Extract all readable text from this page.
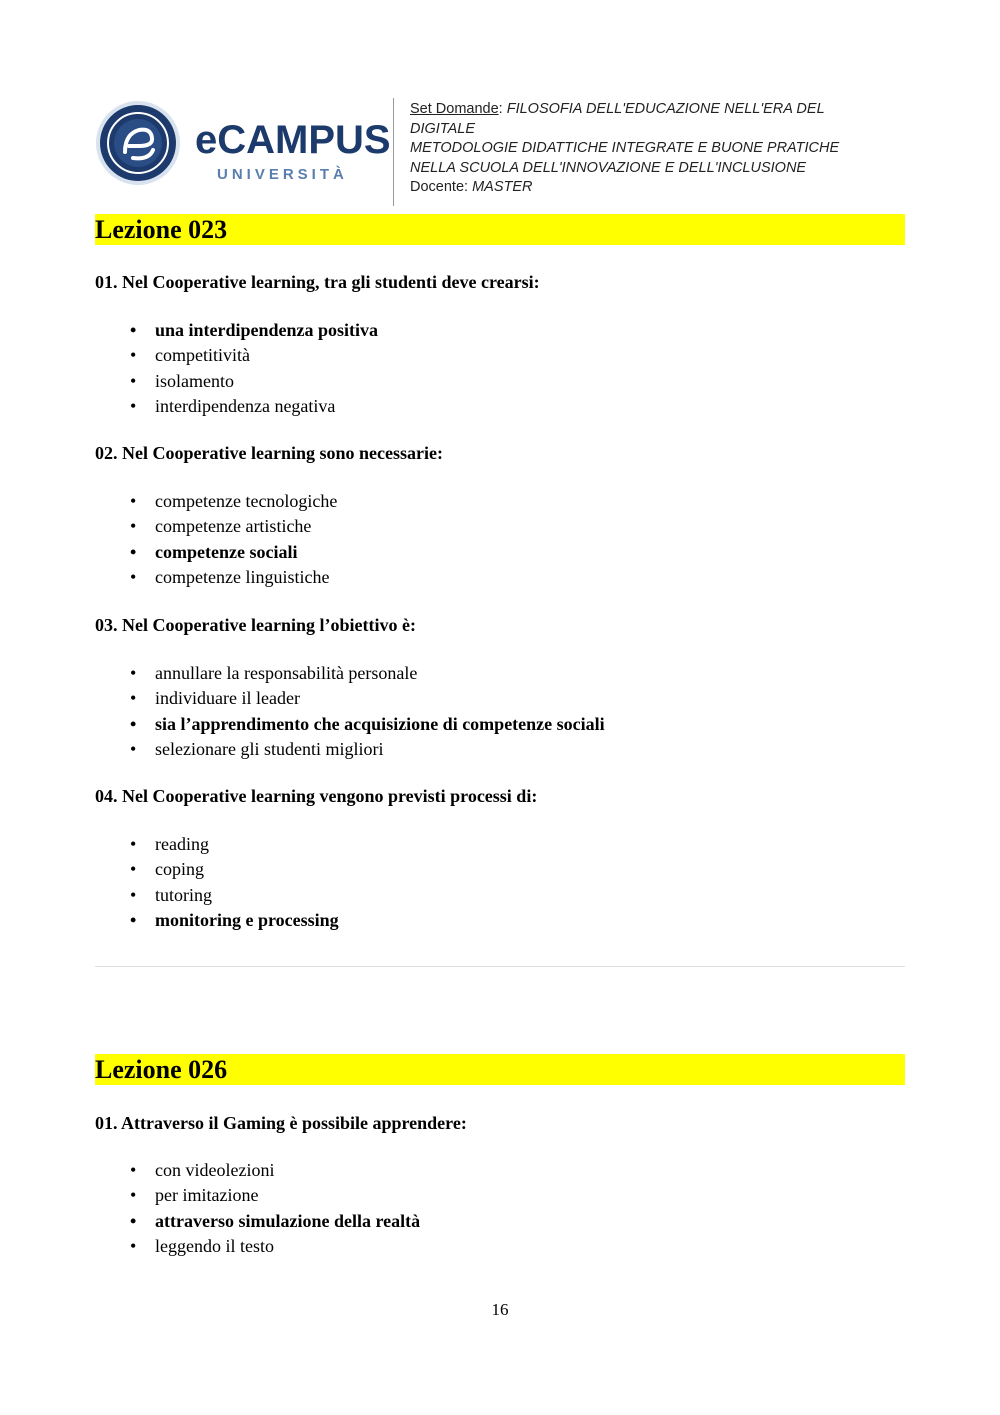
eCAMPUS
UNIVERSITÀ
Set Domande: FILOSOFIA DELL'EDUCAZIONE NELL'ERA DEL
DIGITALE
METODOLOGIE DIDATTICHE INTEGRATE E BUONE PRATICHE
NELLA SCUOLA DELL'INNOVAZIONE E DELL'INCLUSIONE
Docente: MASTER
Lezione 023
01. Nel Cooperative learning, tra gli studenti deve crearsi:
• una interdipendenza positiva
• competitività
• isolamento
• interdipendenza negativa
02. Nel Cooperative learning sono necessarie:
• competenze tecnologiche
• competenze artistiche
• competenze sociali
• competenze linguistiche
03. Nel Cooperative learning l’obiettivo è:
• annullare la responsabilità personale
• individuare il leader
• sia l’apprendimento che acquisizione di competenze sociali
• selezionare gli studenti migliori
04. Nel Cooperative learning vengono previsti processi di:
• reading
• coping
• tutoring
• monitoring e processing
Lezione 026
01. Attraverso il Gaming è possibile apprendere:
• con videolezioni
• per imitazione
• attraverso simulazione della realtà
• leggendo il testo
16
